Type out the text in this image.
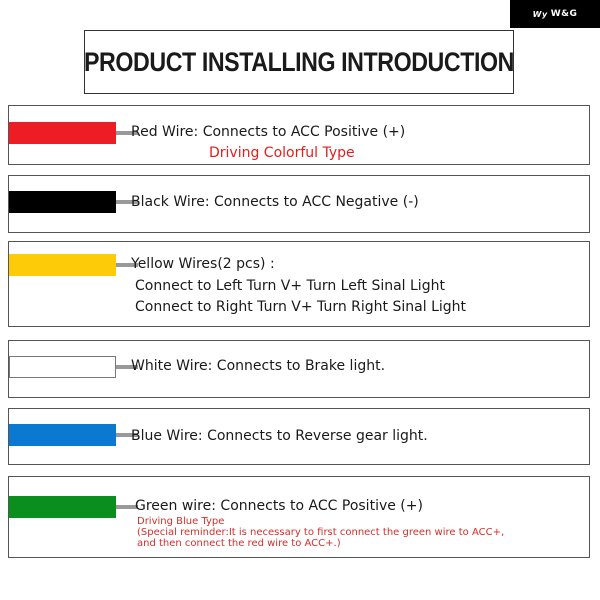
Wy W&G
PRODUCT INSTALLING INTRODUCTION
Red Wire: Connects to ACC Positive (+)
Driving Colorful Type
Black Wire: Connects to ACC Negative (-)
Yellow Wires(2 pcs) :
Connect to Left Turn V+ Turn Left Sinal Light
Connect to Right Turn V+ Turn Right Sinal Light
White Wire: Connects to Brake light.
Blue Wire: Connects to Reverse gear light.
Green wire: Connects to ACC Positive (+)
Driving Blue Type
(Special reminder:It is necessary to first connect the green wire to ACC+,
and then connect the red wire to ACC+.)
